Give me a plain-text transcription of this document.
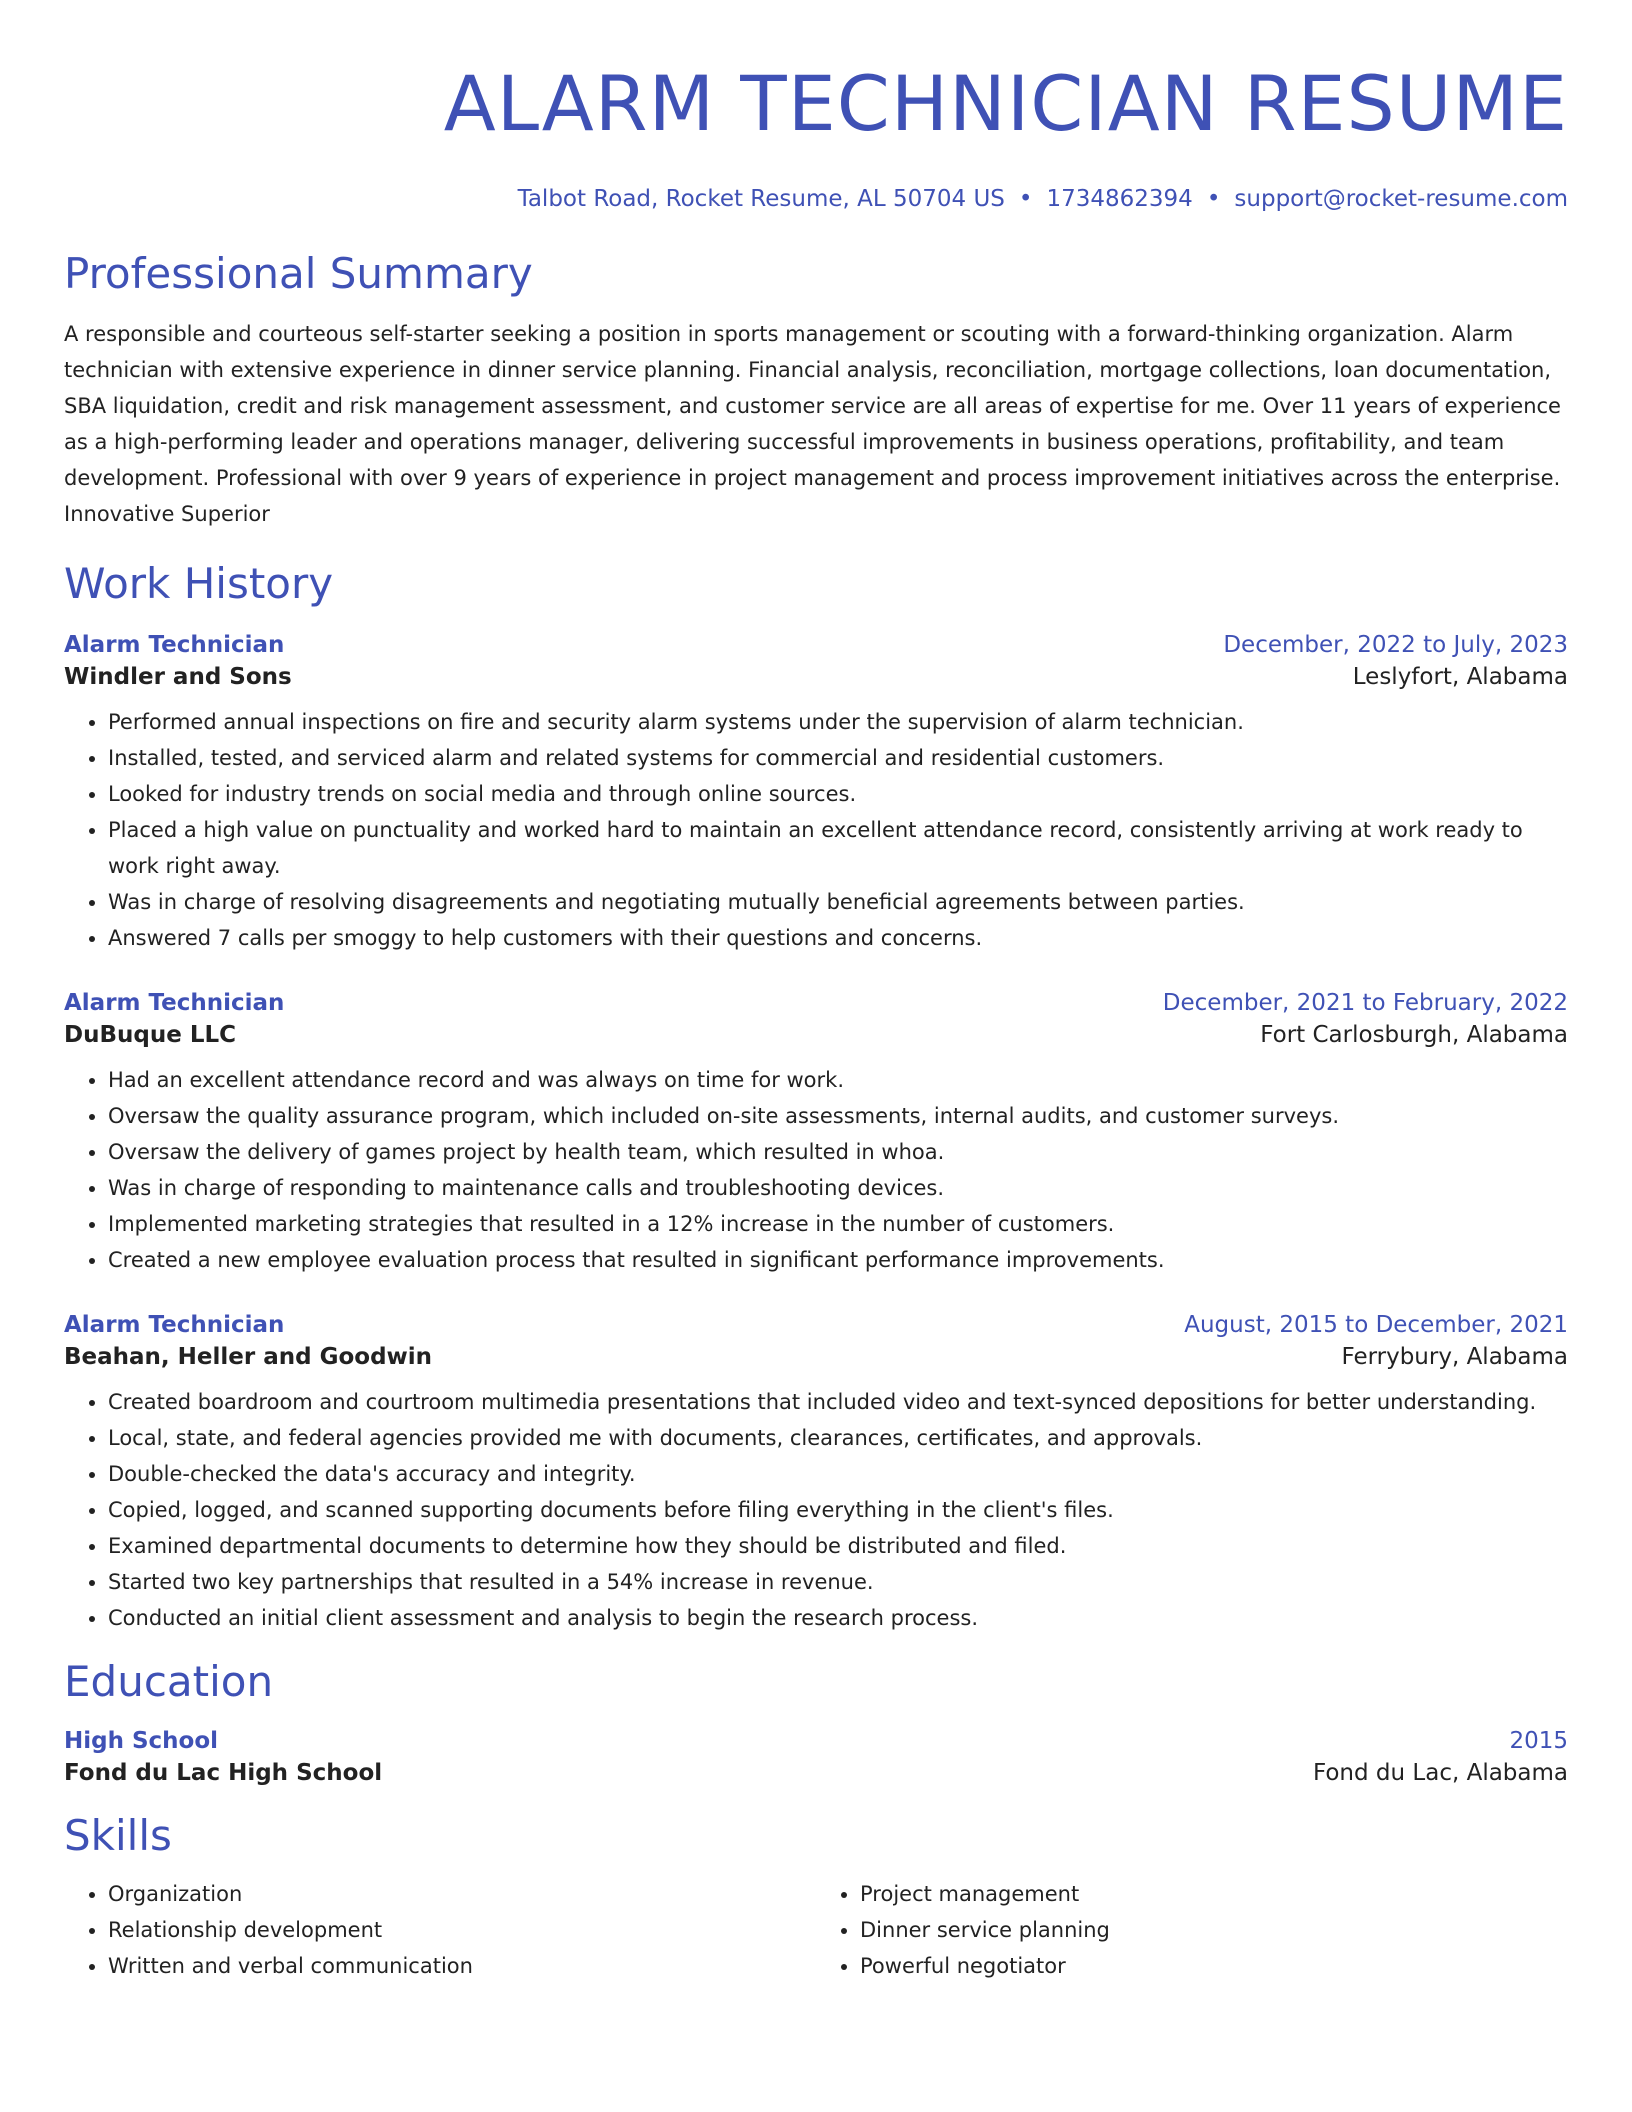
ALARM TECHNICIAN RESUME
Talbot Road, Rocket Resume, AL 50704 US • 1734862394 • support@rocket-resume.com
Professional Summary

A responsible and courteous self-starter seeking a position in sports management or scouting with a forward-thinking organization. Alarm technician with extensive experience in dinner service planning. Financial analysis, reconciliation, mortgage collections, loan documentation, SBA liquidation, credit and risk management assessment, and customer service are all areas of expertise for me. Over 11 years of experience as a high-performing leader and operations manager, delivering successful improvements in business operations, profitability, and team development. Professional with over 9 years of experience in project management and process improvement initiatives across the enterprise. Innovative Superior

Work History
Alarm Technician	December, 2022 to July, 2023
Windler and Sons	Leslyfort, Alabama
• Performed annual inspections on fire and security alarm systems under the supervision of alarm technician.
• Installed, tested, and serviced alarm and related systems for commercial and residential customers.
• Looked for industry trends on social media and through online sources.
• Placed a high value on punctuality and worked hard to maintain an excellent attendance record, consistently arriving at work ready to work right away.
• Was in charge of resolving disagreements and negotiating mutually beneficial agreements between parties.
• Answered 7 calls per smoggy to help customers with their questions and concerns.
Alarm Technician	December, 2021 to February, 2022
DuBuque LLC	Fort Carlosburgh, Alabama
• Had an excellent attendance record and was always on time for work.
• Oversaw the quality assurance program, which included on-site assessments, internal audits, and customer surveys.
• Oversaw the delivery of games project by health team, which resulted in whoa.
• Was in charge of responding to maintenance calls and troubleshooting devices.
• Implemented marketing strategies that resulted in a 12% increase in the number of customers.
• Created a new employee evaluation process that resulted in significant performance improvements.
Alarm Technician	August, 2015 to December, 2021
Beahan, Heller and Goodwin	Ferrybury, Alabama
• Created boardroom and courtroom multimedia presentations that included video and text-synced depositions for better understanding.
• Local, state, and federal agencies provided me with documents, clearances, certificates, and approvals.
• Double-checked the data's accuracy and integrity.
• Copied, logged, and scanned supporting documents before filing everything in the client's files.
• Examined departmental documents to determine how they should be distributed and filed.
• Started two key partnerships that resulted in a 54% increase in revenue.
• Conducted an initial client assessment and analysis to begin the research process.
Education
High School	2015
Fond du Lac High School	Fond du Lac, Alabama
Skills
• Organization
• Relationship development
• Written and verbal communication
• Project management
• Dinner service planning
• Powerful negotiator
